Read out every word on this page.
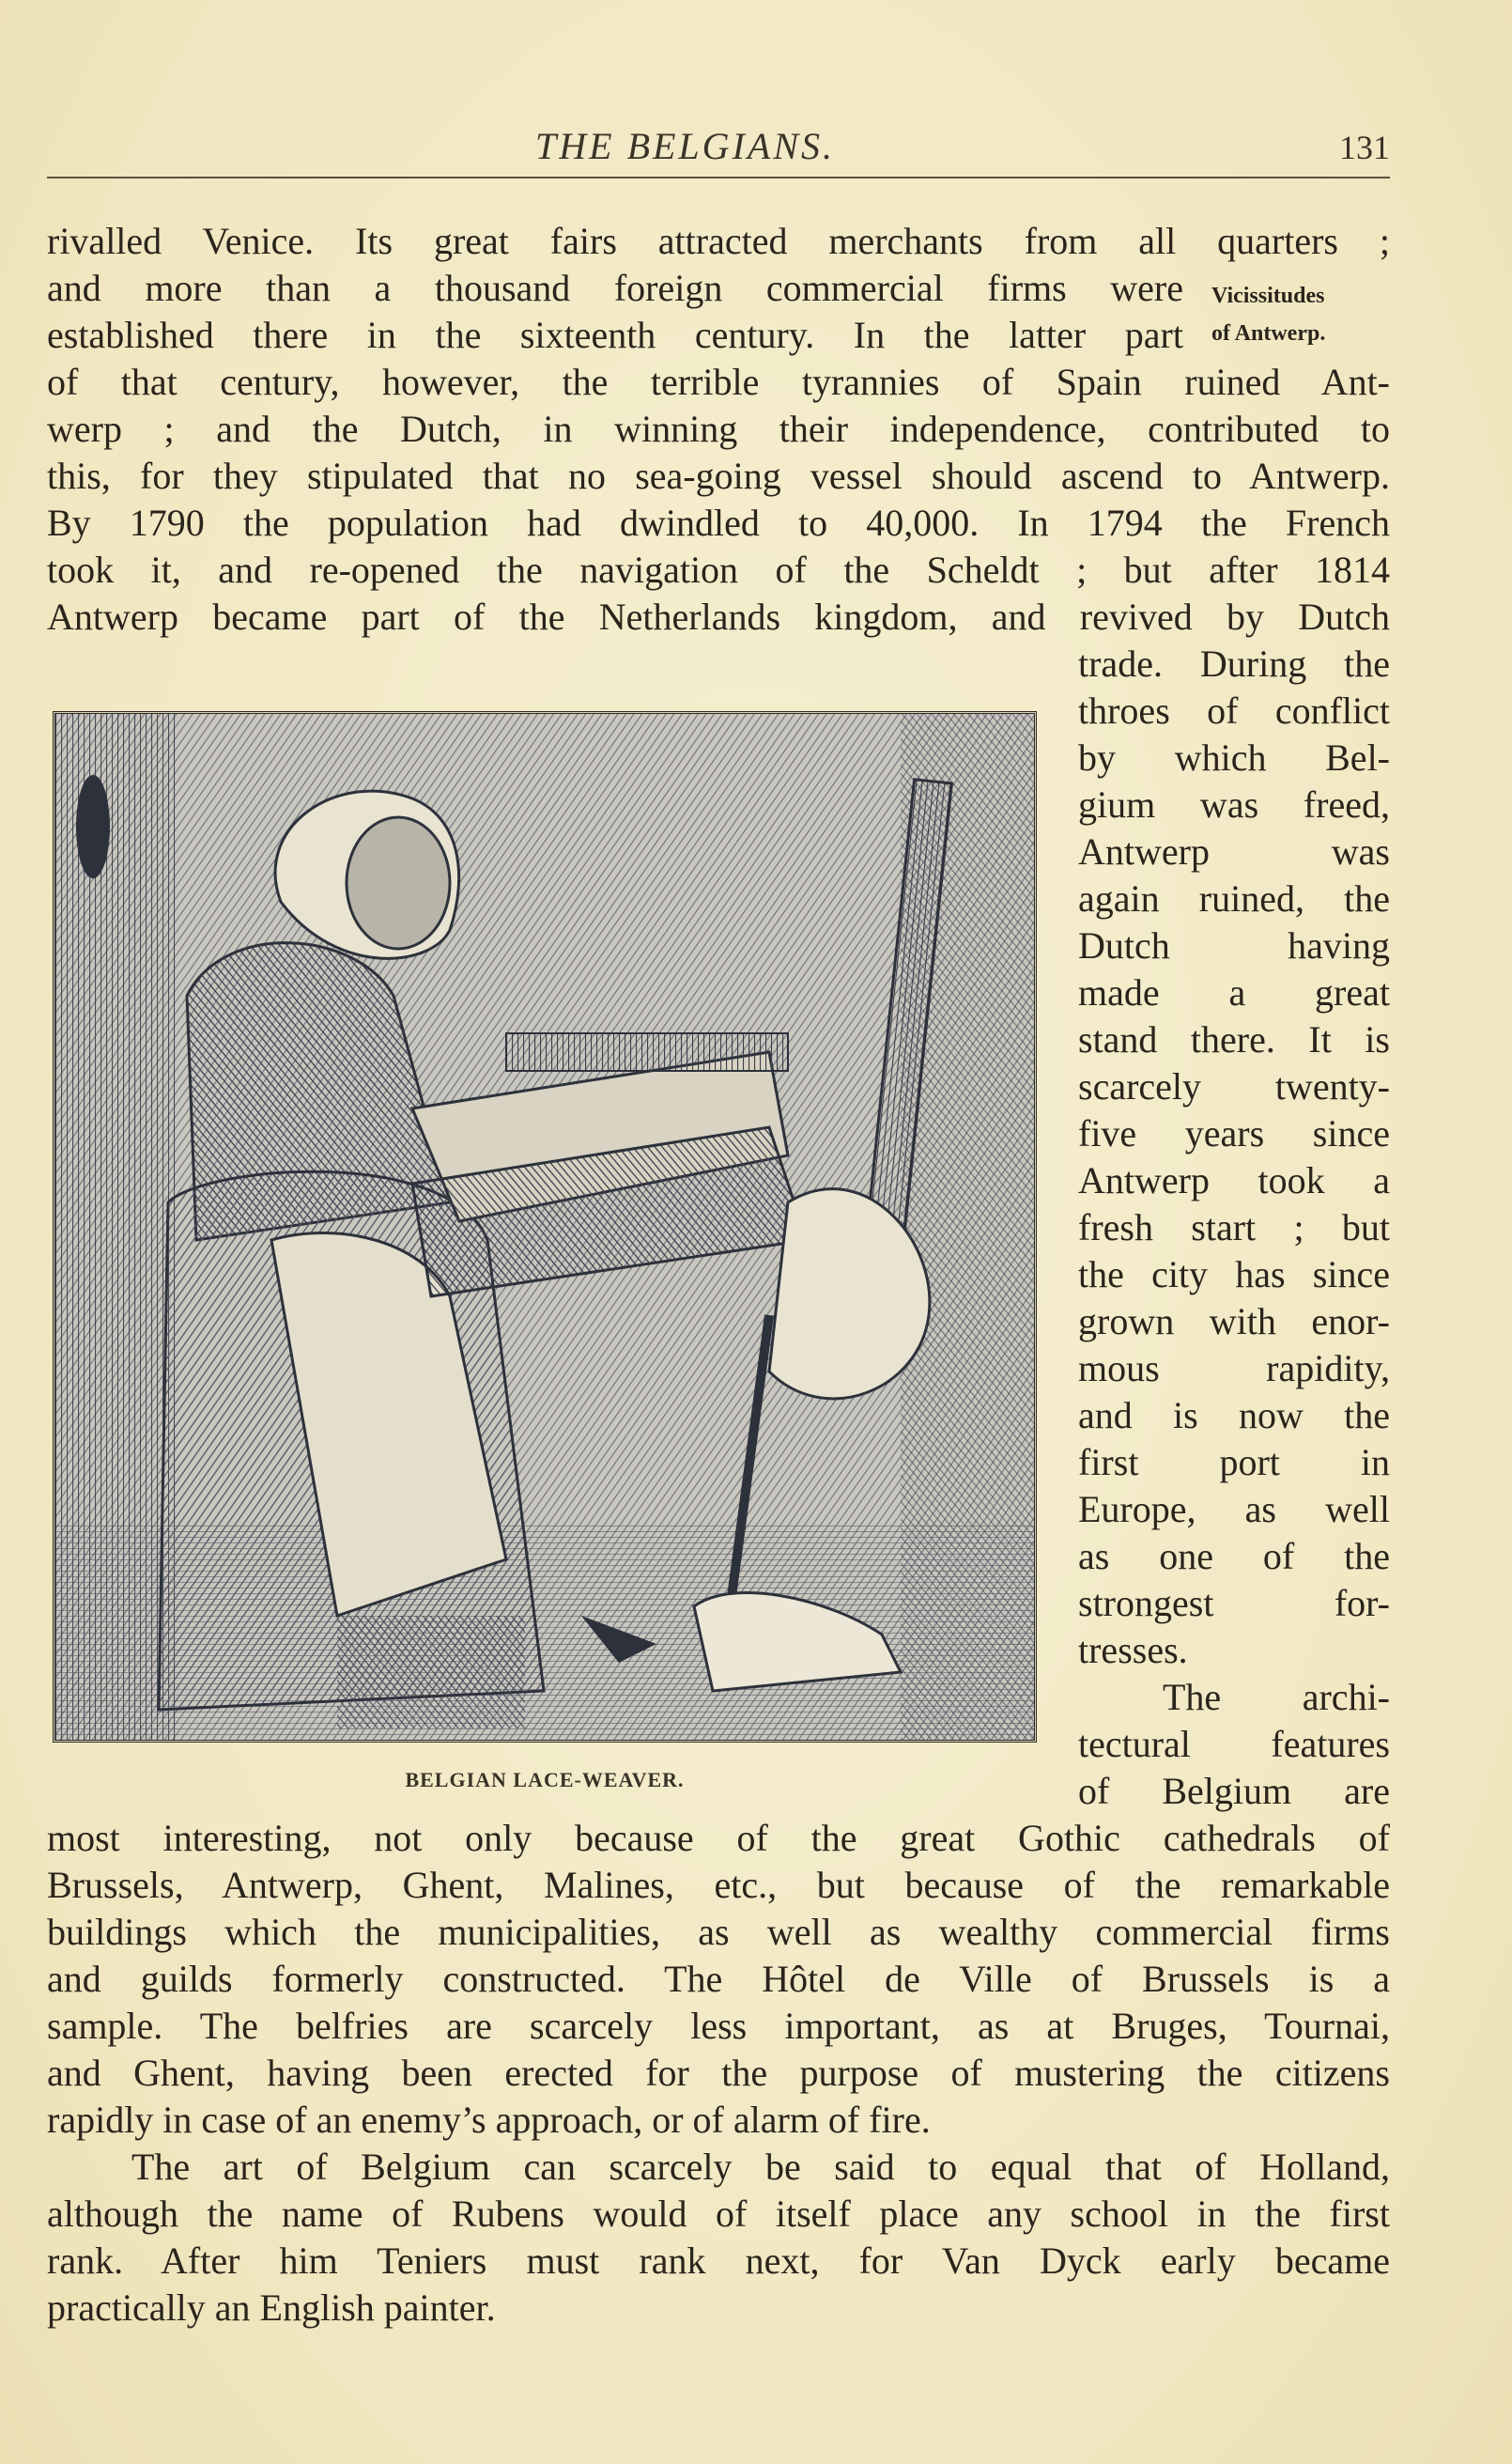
THE BELGIANS.	131
Vicissitudes
of Antwerp.
rivalled Venice. Its great fairs attracted merchants from all quarters ;
and more than a thousand foreign commercial firms were
established there in the sixteenth century. In the latter part
of that century, however, the terrible tyrannies of Spain ruined Ant-
werp ; and the Dutch, in winning their independence, contributed to
this, for they stipulated that no sea-going vessel should ascend to Antwerp.
By 1790 the population had dwindled to 40,000. In 1794 the French
took it, and re-opened the navigation of the Scheldt ; but after 1814
Antwerp became part of the Netherlands kingdom, and revived by Dutch
trade. During the
throes of conflict
by which Bel-
gium was freed,
Antwerp was
again ruined, the
Dutch having
made a great
stand there. It is
scarcely twenty-
five years since
Antwerp took a
fresh start ; but
the city has since
grown with enor-
mous rapidity,
and is now the
first port in
Europe, as well
as one of the
strongest for-
tresses.
The archi-
tectural features
of Belgium are
BELGIAN LACE-WEAVER.
most interesting, not only because of the great Gothic cathedrals of
Brussels, Antwerp, Ghent, Malines, etc., but because of the remarkable
buildings which the municipalities, as well as wealthy commercial firms
and guilds formerly constructed. The Hôtel de Ville of Brussels is a
sample. The belfries are scarcely less important, as at Bruges, Tournai,
and Ghent, having been erected for the purpose of mustering the citizens
rapidly in case of an enemy’s approach, or of alarm of fire.
The art of Belgium can scarcely be said to equal that of Holland,
although the name of Rubens would of itself place any school in the first
rank. After him Teniers must rank next, for Van Dyck early became
practically an English painter.
